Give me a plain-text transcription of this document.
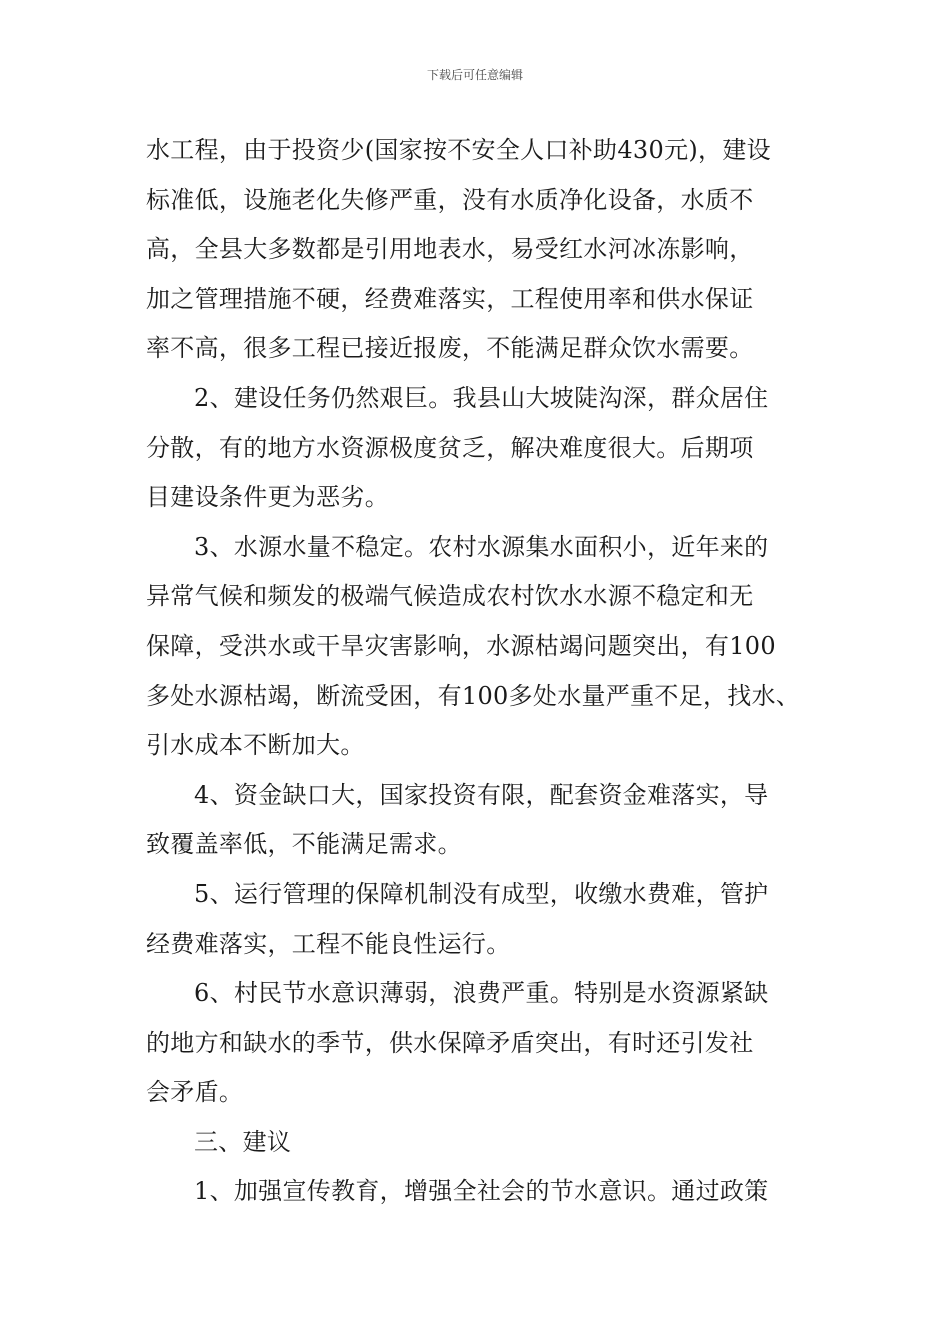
下载后可任意编辑
水工程，由于投资少(国家按不安全人口补助430元)，建设
标准低，设施老化失修严重，没有水质净化设备，水质不
高，全县大多数都是引用地表水，易受红水河冰冻影响，
加之管理措施不硬，经费难落实，工程使用率和供水保证
率不高，很多工程已接近报废，不能满足群众饮水需要。
2、建设任务仍然艰巨。我县山大坡陡沟深，群众居住
分散，有的地方水资源极度贫乏，解决难度很大。后期项
目建设条件更为恶劣。
3、水源水量不稳定。农村水源集水面积小，近年来的
异常气候和频发的极端气候造成农村饮水水源不稳定和无
保障，受洪水或干旱灾害影响，水源枯竭问题突出，有100
多处水源枯竭，断流受困，有100多处水量严重不足，找水、
引水成本不断加大。
4、资金缺口大，国家投资有限，配套资金难落实，导
致覆盖率低，不能满足需求。
5、运行管理的保障机制没有成型，收缴水费难，管护
经费难落实，工程不能良性运行。
6、村民节水意识薄弱，浪费严重。特别是水资源紧缺
的地方和缺水的季节，供水保障矛盾突出，有时还引发社
会矛盾。
三、建议
1、加强宣传教育，增强全社会的节水意识。通过政策
